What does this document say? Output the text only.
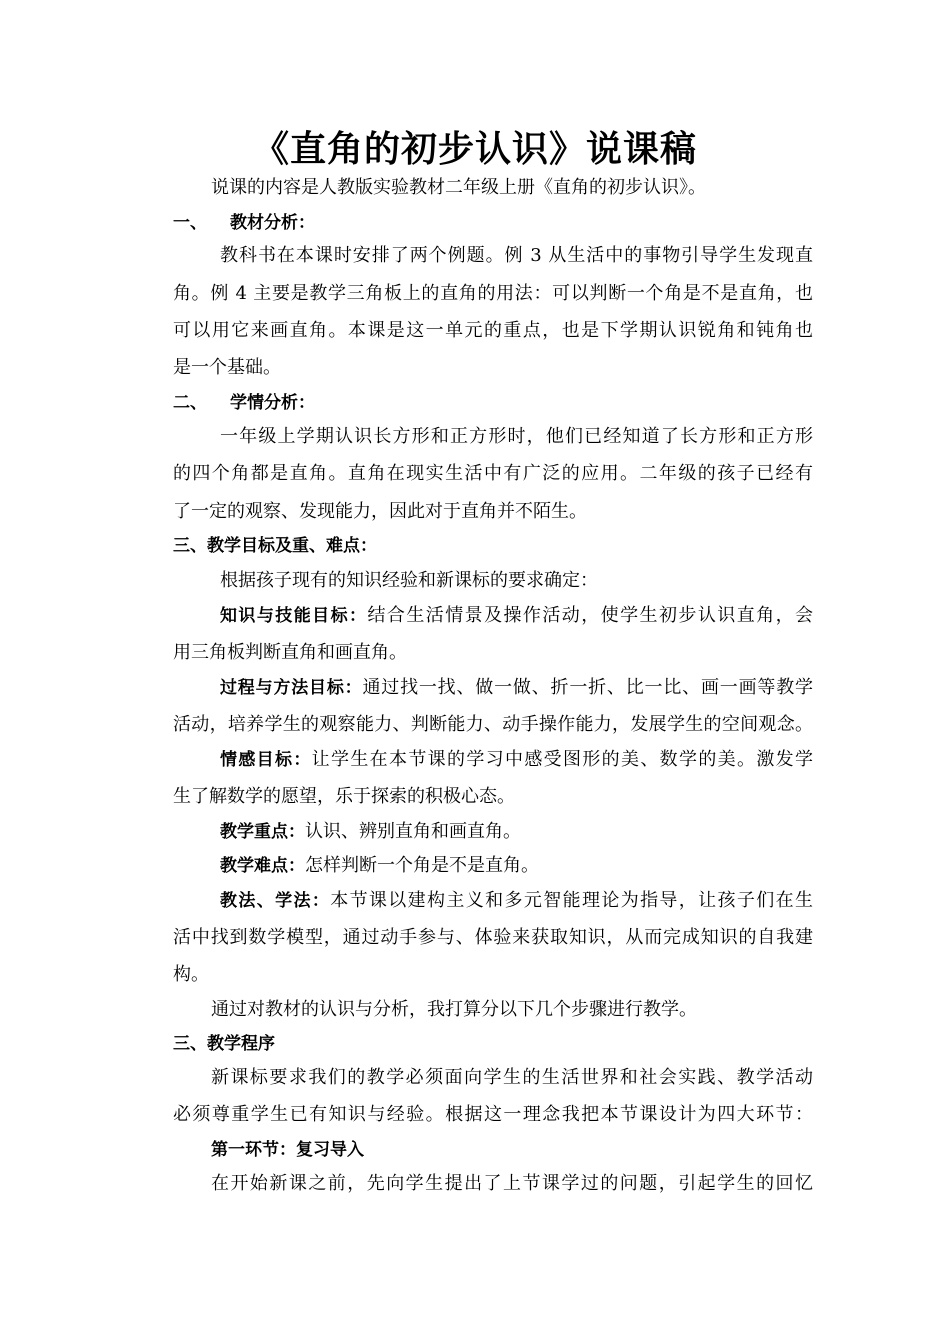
《直角的初步认识》说课稿

说课的内容是人教版实验教材二年级上册《直角的初步认识》。

一、 教材分析：

教科书在本课时安排了两个例题。例 3 从生活中的事物引导学生发现直

角。例 4 主要是教学三角板上的直角的用法：可以判断一个角是不是直角，也

可以用它来画直角。本课是这一单元的重点，也是下学期认识锐角和钝角也

是一个基础。

二、 学情分析：

一年级上学期认识长方形和正方形时，他们已经知道了长方形和正方形

的四个角都是直角。直角在现实生活中有广泛的应用。二年级的孩子已经有

了一定的观察、发现能力，因此对于直角并不陌生。

三、教学目标及重、难点：

根据孩子现有的知识经验和新课标的要求确定：

知识与技能目标：结合生活情景及操作活动，使学生初步认识直角，会

用三角板判断直角和画直角。

过程与方法目标：通过找一找、做一做、折一折、比一比、画一画等教学

活动，培养学生的观察能力、判断能力、动手操作能力，发展学生的空间观念。

情感目标：让学生在本节课的学习中感受图形的美、数学的美。激发学

生了解数学的愿望，乐于探索的积极心态。

教学重点：认识、辨别直角和画直角。

教学难点：怎样判断一个角是不是直角。

教法、学法：本节课以建构主义和多元智能理论为指导，让孩子们在生

活中找到数学模型，通过动手参与、体验来获取知识，从而完成知识的自我建

构。

通过对教材的认识与分析，我打算分以下几个步骤进行教学。

三、教学程序

新课标要求我们的教学必须面向学生的生活世界和社会实践、教学活动

必须尊重学生已有知识与经验。根据这一理念我把本节课设计为四大环节：

第一环节：复习导入

在开始新课之前，先向学生提出了上节课学过的问题，引起学生的回忆
